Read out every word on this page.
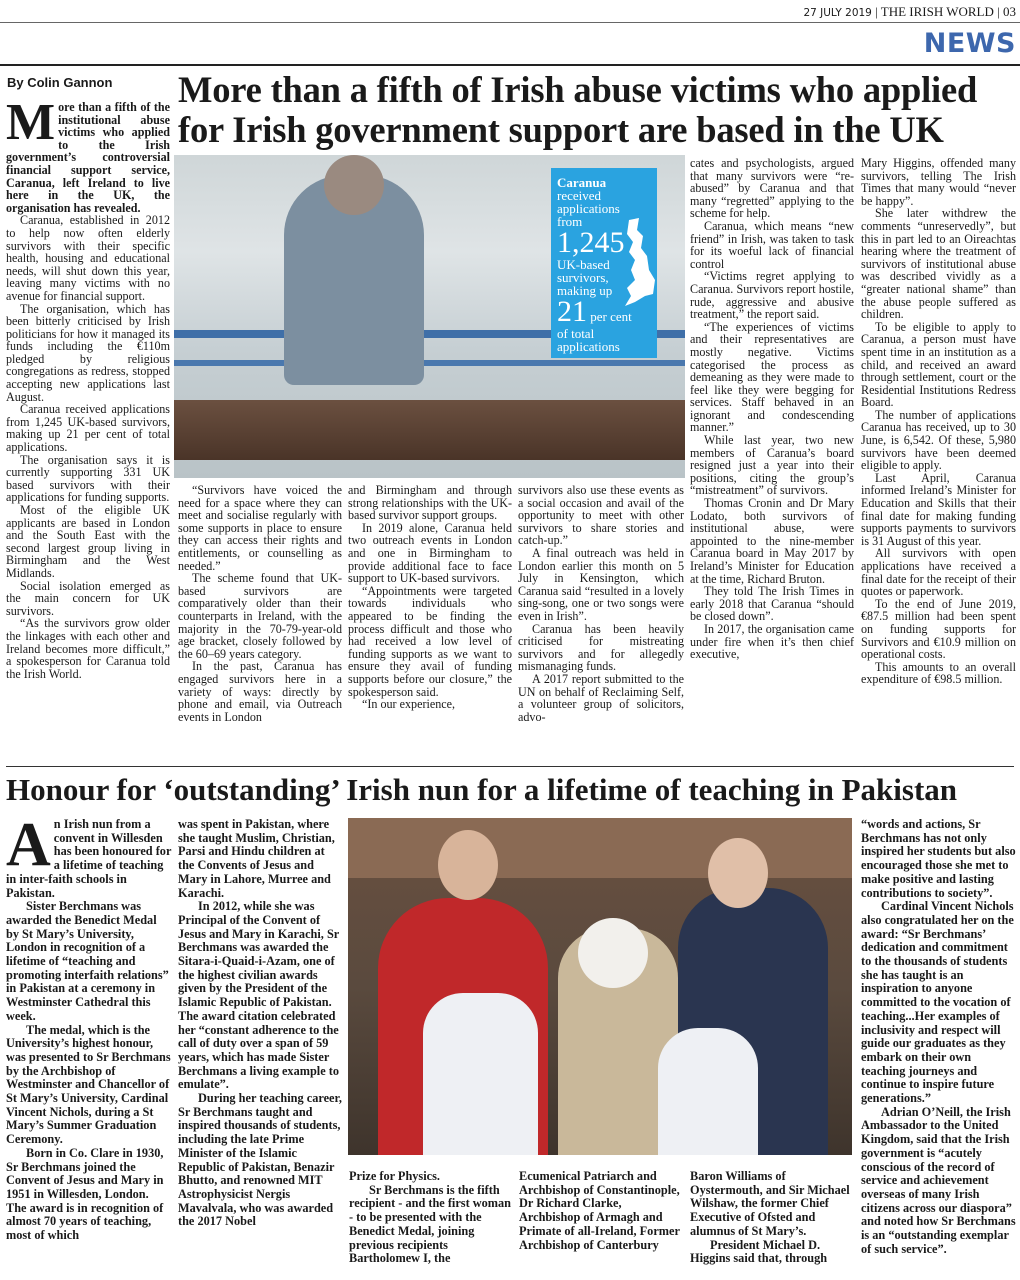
27 JULY 2019 | THE IRISH WORLD | 03
NEWS
By Colin Gannon More than a fifth of Irish abuse victims who applied for Irish government support are based in the UK

More than a fifth of the institutional abuse victims who applied to the Irish government’s controversial financial support service, Caranua, left Ireland to live here in the UK, the organisation has revealed.

Caranua, established in 2012 to help now often elderly survivors with their specific health, housing and educational needs, will shut down this year, leaving many victims with no avenue for financial support.

The organisation, which has been bitterly criticised by Irish politicians for how it managed its funds including the €110m pledged by religious congregations as redress, stopped accepting new applications last August.

Caranua received applications from 1,245 UK-based survivors, making up 21 per cent of total applications.

The organisation says it is currently supporting 331 UK based survivors with their applications for funding supports.

Most of the eligible UK applicants are based in London and the South East with the second largest group living in Birmingham and the West Midlands.

Social isolation emerged as the main concern for UK survivors.

“As the survivors grow older the linkages with each other and Ireland becomes more difficult,” a spokesperson for Caranua told the Irish World.

Caranua
received applications from
1,245
UK-based survivors, making up
21 per cent
of total applications

“Survivors have voiced the need for a space where they can meet and socialise regularly with some supports in place to ensure they can access their rights and entitlements, or counselling as needed.”

The scheme found that UK-based survivors are comparatively older than their counterparts in Ireland, with the majority in the 70-79-year-old age bracket, closely followed by the 60–69 years category.

In the past, Caranua has engaged survivors here in a variety of ways: directly by phone and email, via Outreach events in London

and Birmingham and through strong relationships with the UK-based survivor support groups.

In 2019 alone, Caranua held two outreach events in London and one in Birmingham to provide additional face to face support to UK-based survivors.

“Appointments were targeted towards individuals who appeared to be finding the process difficult and those who had received a low level of funding supports as we want to ensure they avail of funding supports before our closure,” the spokesperson said.

“In our experience,

survivors also use these events as a social occasion and avail of the opportunity to meet with other survivors to share stories and catch-up.”

A final outreach was held in London earlier this month on 5 July in Kensington, which Caranua said “resulted in a lovely sing-song, one or two songs were even in Irish”.

Caranua has been heavily criticised for mistreating survivors and for allegedly mismanaging funds.

A 2017 report submitted to the UN on behalf of Reclaiming Self, a volunteer group of solicitors, advo-

cates and psychologists, argued that many survivors were “re-abused” by Caranua and that many “regretted” applying to the scheme for help.

Caranua, which means “new friend” in Irish, was taken to task for its woeful lack of financial control

“Victims regret applying to Caranua. Survivors report hostile, rude, aggressive and abusive treatment,” the report said.

“The experiences of victims and their representatives are mostly negative. Victims categorised the process as demeaning as they were made to feel like they were begging for services. Staff behaved in an ignorant and condescending manner.”

While last year, two new members of Caranua’s board resigned just a year into their positions, citing the group’s “mistreatment” of survivors.

Thomas Cronin and Dr Mary Lodato, both survivors of institutional abuse, were appointed to the nine-member Caranua board in May 2017 by Ireland’s Minister for Education at the time, Richard Bruton.

They told The Irish Times in early 2018 that Caranua “should be closed down”.

In 2017, the organisation came under fire when it’s then chief executive,

Mary Higgins, offended many survivors, telling The Irish Times that many would “never be happy”.

She later withdrew the comments “unreservedly”, but this in part led to an Oireachtas hearing where the treatment of survivors of institutional abuse was described vividly as a “greater national shame” than the abuse people suffered as children.

To be eligible to apply to Caranua, a person must have spent time in an institution as a child, and received an award through settlement, court or the Residential Institutions Redress Board.

The number of applications Caranua has received, up to 30 June, is 6,542. Of these, 5,980 survivors have been deemed eligible to apply.

Last April, Caranua informed Ireland’s Minister for Education and Skills that their final date for making funding supports payments to survivors is 31 August of this year.

All survivors with open applications have received a final date for the receipt of their quotes or paperwork.

To the end of June 2019, €87.5 million had been spent on funding supports for Survivors and €10.9 million on operational costs.

This amounts to an overall expenditure of €98.5 million.

Honour for ‘outstanding’ Irish nun for a lifetime of teaching in Pakistan

An Irish nun from a convent in Willesden has been honoured for a lifetime of teaching in inter-faith schools in Pakistan.

Sister Berchmans was awarded the Benedict Medal by St Mary’s University, London in recognition of a lifetime of “teaching and promoting interfaith relations” in Pakistan at a ceremony in Westminster Cathedral this week.

The medal, which is the University’s highest honour, was presented to Sr Berchmans by the Archbishop of Westminster and Chancellor of St Mary’s University, Cardinal Vincent Nichols, during a St Mary’s Summer Graduation Ceremony.

Born in Co. Clare in 1930, Sr Berchmans joined the Convent of Jesus and Mary in 1951 in Willesden, London. The award is in recognition of almost 70 years of teaching, most of which

was spent in Pakistan, where she taught Muslim, Christian, Parsi and Hindu children at the Convents of Jesus and Mary in Lahore, Murree and Karachi.

In 2012, while she was Principal of the Convent of Jesus and Mary in Karachi, Sr Berchmans was awarded the Sitara-i-Quaid-i-Azam, one of the highest civilian awards given by the President of the Islamic Republic of Pakistan. The award citation celebrated her “constant adherence to the call of duty over a span of 59 years, which has made Sister Berchmans a living example to emulate”.

During her teaching career, Sr Berchmans taught and inspired thousands of students, including the late Prime Minister of the Islamic Republic of Pakistan, Benazir Bhutto, and renowned MIT Astrophysicist Nergis Mavalvala, who was awarded the 2017 Nobel

Prize for Physics.

Sr Berchmans is the fifth recipient - and the first woman - to be presented with the Benedict Medal, joining previous recipients Bartholomew I, the

Ecumenical Patriarch and Archbishop of Constantinople, Dr Richard Clarke, Archbishop of Armagh and Primate of all-Ireland, Former Archbishop of Canterbury

Baron Williams of Oystermouth, and Sir Michael Wilshaw, the former Chief Executive of Ofsted and alumnus of St Mary’s.

President Michael D. Higgins said that, through

“words and actions, Sr Berchmans has not only inspired her students but also encouraged those she met to make positive and lasting contributions to society”.

Cardinal Vincent Nichols also congratulated her on the award: “Sr Berchmans’ dedication and commitment to the thousands of students she has taught is an inspiration to anyone committed to the vocation of teaching...Her examples of inclusivity and respect will guide our graduates as they embark on their own teaching journeys and continue to inspire future generations.”

Adrian O’Neill, the Irish Ambassador to the United Kingdom, said that the Irish government is “acutely conscious of the record of service and achievement overseas of many Irish citizens across our diaspora” and noted how Sr Berchmans is an “outstanding exemplar of such service”.
